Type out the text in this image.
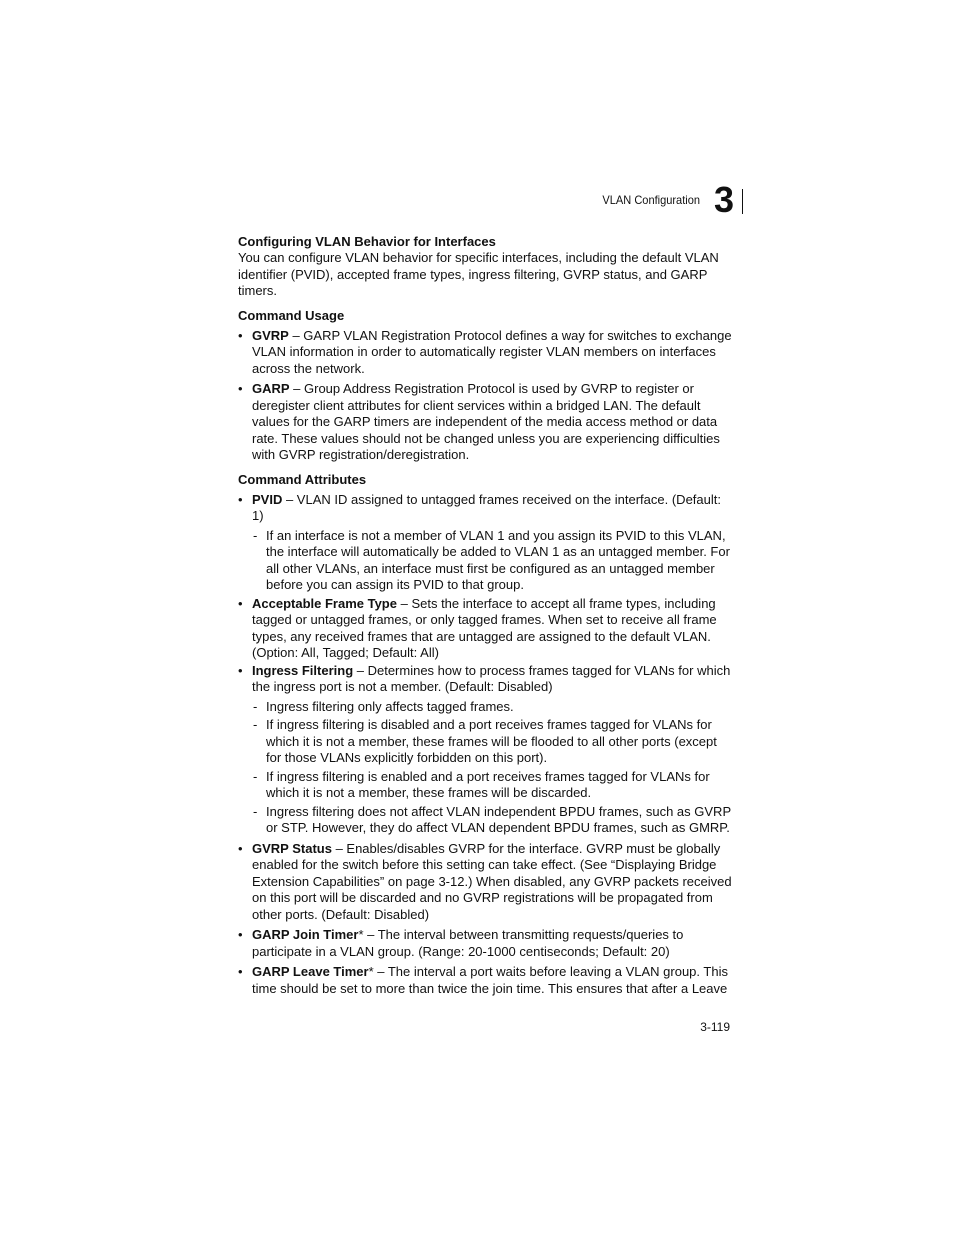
VLAN Configuration 3
Configuring VLAN Behavior for Interfaces

You can configure VLAN behavior for specific interfaces, including the default VLAN identifier (PVID), accepted frame types, ingress filtering, GVRP status, and GARP timers.

Command Usage
• GVRP – GARP VLAN Registration Protocol defines a way for switches to exchange VLAN information in order to automatically register VLAN members on interfaces across the network.
• GARP – Group Address Registration Protocol is used by GVRP to register or deregister client attributes for client services within a bridged LAN. The default values for the GARP timers are independent of the media access method or data rate. These values should not be changed unless you are experiencing difficulties with GVRP registration/deregistration.
Command Attributes
• PVID – VLAN ID assigned to untagged frames received on the interface. (Default: 1)
- If an interface is not a member of VLAN 1 and you assign its PVID to this VLAN, the interface will automatically be added to VLAN 1 as an untagged member. For all other VLANs, an interface must first be configured as an untagged member before you can assign its PVID to that group.
• Acceptable Frame Type – Sets the interface to accept all frame types, including tagged or untagged frames, or only tagged frames. When set to receive all frame types, any received frames that are untagged are assigned to the default VLAN. (Option: All, Tagged; Default: All)
• Ingress Filtering – Determines how to process frames tagged for VLANs for which the ingress port is not a member. (Default: Disabled)
- Ingress filtering only affects tagged frames.
- If ingress filtering is disabled and a port receives frames tagged for VLANs for which it is not a member, these frames will be flooded to all other ports (except for those VLANs explicitly forbidden on this port).
- If ingress filtering is enabled and a port receives frames tagged for VLANs for which it is not a member, these frames will be discarded.
- Ingress filtering does not affect VLAN independent BPDU frames, such as GVRP or STP. However, they do affect VLAN dependent BPDU frames, such as GMRP.
• GVRP Status – Enables/disables GVRP for the interface. GVRP must be globally enabled for the switch before this setting can take effect. (See “Displaying Bridge Extension Capabilities” on page 3-12.) When disabled, any GVRP packets received on this port will be discarded and no GVRP registrations will be propagated from other ports. (Default: Disabled)
• GARP Join Timer* – The interval between transmitting requests/queries to participate in a VLAN group. (Range: 20-1000 centiseconds; Default: 20)
• GARP Leave Timer* – The interval a port waits before leaving a VLAN group. This time should be set to more than twice the join time. This ensures that after a Leave
3-119
